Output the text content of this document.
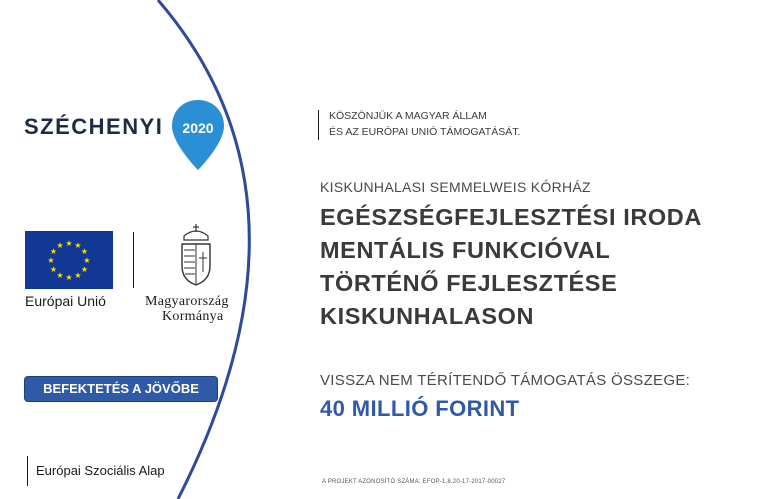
SZÉCHENYI 2020
★ ★
★
★
★
★
★
★
★
★
★
★
Európai Unió	Magyarország
Kormánya
BEFEKTETÉS A JÖVŐBE
Európai Szociális Alap
KÖSZÖNJÜK A MAGYAR ÁLLAM
ÉS AZ EURÓPAI UNIÓ TÁMOGATÁSÁT.
KISKUNHALASI SEMMELWEIS KÓRHÁZ
EGÉSZSÉGFEJLESZTÉSI IRODA
MENTÁLIS FUNKCIÓVAL
TÖRTÉNŐ FEJLESZTÉSE
KISKUNHALASON
VISSZA NEM TÉRÍTENDŐ TÁMOGATÁS ÖSSZEGE:
40 MILLIÓ FORINT
A PROJEKT AZONOSÍTÓ SZÁMA: EFOP-1.8.20-17-2017-00027
